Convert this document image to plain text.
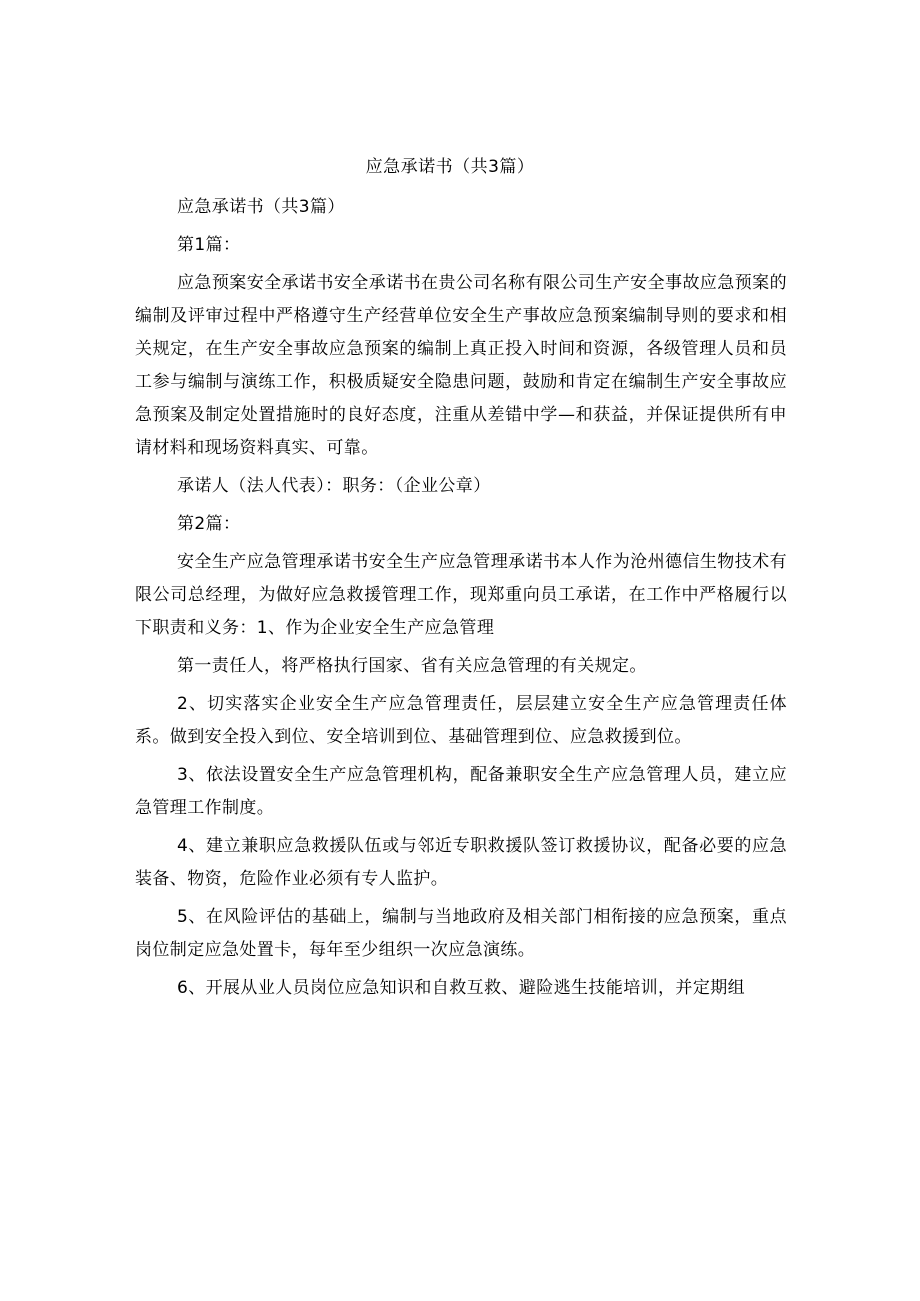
应急承诺书（共3篇）

应急承诺书（共3篇）

第1篇：

应急预案安全承诺书安全承诺书在贵公司名称有限公司生产安全事故应急预案的编制及评审过程中严格遵守生产经营单位安全生产事故应急预案编制导则的要求和相关规定，在生产安全事故应急预案的编制上真正投入时间和资源，各级管理人员和员工参与编制与演练工作，积极质疑安全隐患问题，鼓励和肯定在编制生产安全事故应急预案及制定处置措施时的良好态度，注重从差错中学—和获益，并保证提供所有申请材料和现场资料真实、可靠。

承诺人（法人代表）：职务：（企业公章）

第2篇：

安全生产应急管理承诺书安全生产应急管理承诺书本人作为沧州德信生物技术有限公司总经理，为做好应急救援管理工作，现郑重向员工承诺，在工作中严格履行以下职责和义务：1、作为企业安全生产应急管理

第一责任人，将严格执行国家、省有关应急管理的有关规定。

2、切实落实企业安全生产应急管理责任，层层建立安全生产应急管理责任体系。做到安全投入到位、安全培训到位、基础管理到位、应急救援到位。

3、依法设置安全生产应急管理机构，配备兼职安全生产应急管理人员，建立应急管理工作制度。

4、建立兼职应急救援队伍或与邻近专职救援队签订救援协议，配备必要的应急装备、物资，危险作业必须有专人监护。

5、在风险评估的基础上，编制与当地政府及相关部门相衔接的应急预案，重点岗位制定应急处置卡，每年至少组织一次应急演练。

6、开展从业人员岗位应急知识和自救互救、避险逃生技能培训，并定期组
